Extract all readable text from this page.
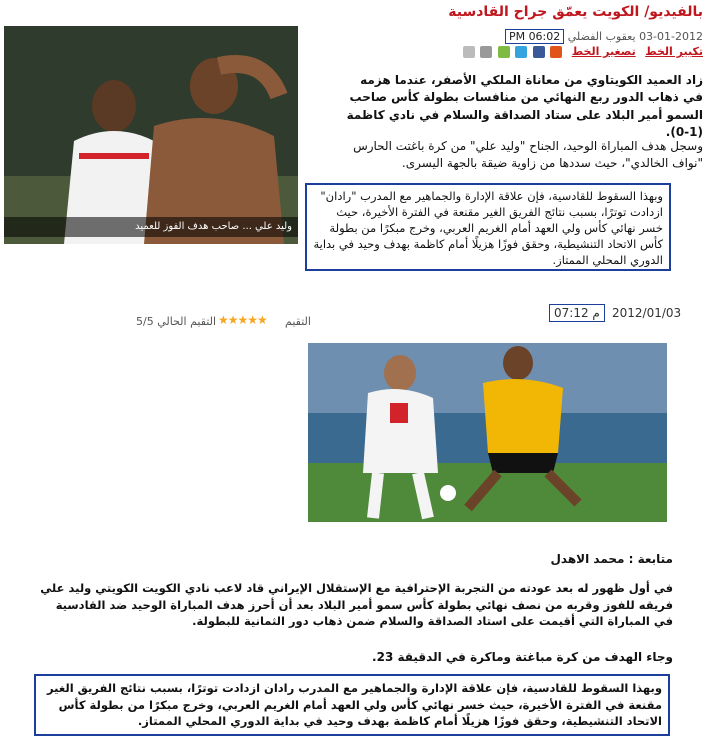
بالفيديو/ الكويت يعمّق جراح القادسية
03-01-2012 يعقوب الفضلي 06:02 PM
تكبير الخط تصغير الخط
وليد علي ... صاحب هدف الفوز للعميد
زاد العميد الكويتاوي من معاناة الملكي الأصفر، عندما هزمه في ذهاب الدور ربع النهائي من منافسات بطولة كأس صاحب السمو أمير البلاد على ستاد الصداقة والسلام في نادي كاظمة (1-0).
وسجل هدف المباراة الوحيد، الجناح "وليد علي" من كرة باغتت الحارس "نواف الخالدي"، حيث سددها من زاوية ضيقة بالجهة اليسرى.
وبهذا السقوط للقادسية، فإن علاقة الإدارة والجماهير مع المدرب "رادان" ازدادت توترًا، بسبب نتائج الفريق الغير مقنعة في الفترة الأخيرة، حيث خسر نهائي كأس ولي العهد أمام الغريم العربي، وخرج مبكرًا من بطولة كأس الاتحاد التنشيطية، وحقق فوزًا هزيلًا أمام كاظمة بهدف وحيد في بداية الدوري المحلي الممتاز.
2012/01/03
07:12 م
التقيم
★★★★★
التقيم الحالي 5/5
متابعة : محمد الاهدل
في أول ظهور له بعد عودته من التجربة الإحترافية مع الإستقلال الإيراني قاد لاعب نادي الكويت الكويتي وليد علي فريقه للفوز وقربه من نصف نهائي بطولة كأس سمو أمير البلاد بعد أن أحرز هدف المباراة الوحيد ضد القادسية في المباراة التي أقيمت على استاد الصداقة والسلام ضمن ذهاب دور الثمانية للبطولة.
وجاء الهدف من كرة مباغتة وماكرة في الدقيقة 23.
وبهذا السقوط للقادسية، فإن علاقة الإدارة والجماهير مع المدرب رادان ازدادت توترًا، بسبب نتائج الفريق الغير مقنعة في الفترة الأخيرة، حيث خسر نهائي كأس ولي العهد أمام الغريم العربي، وخرج مبكرًا من بطولة كأس الاتحاد التنشيطية، وحقق فوزًا هزيلًا أمام كاظمة بهدف وحيد في بداية الدوري المحلي الممتاز.
